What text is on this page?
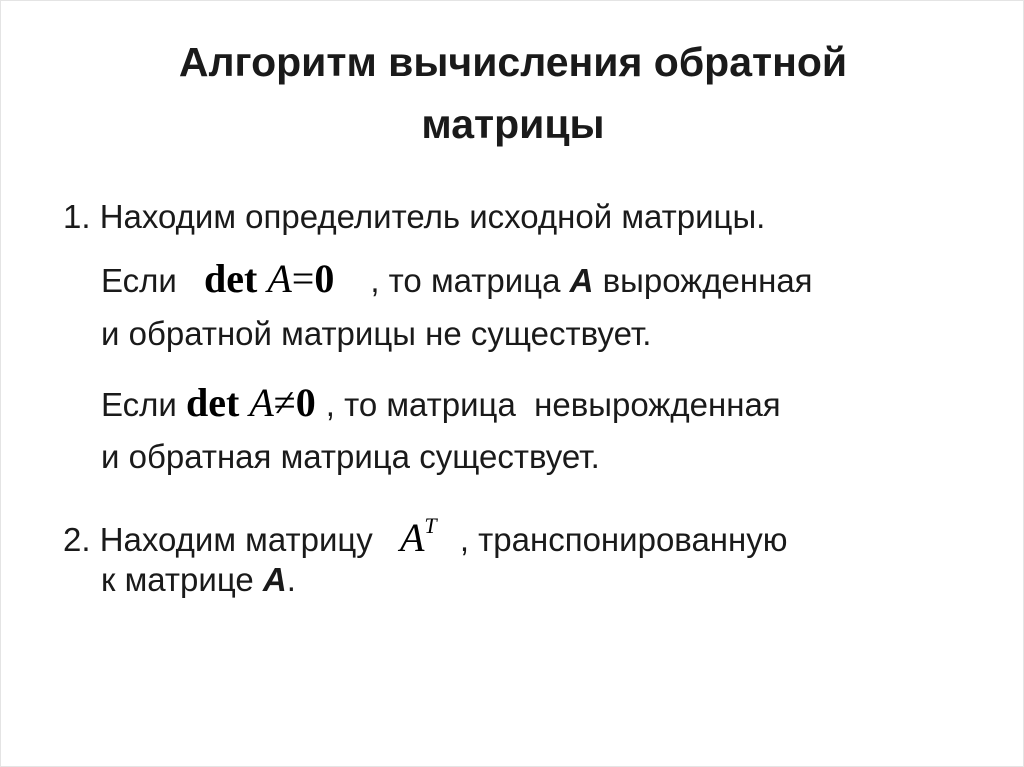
Алгоритм вычисления обратной
матрицы
1. Находим определитель исходной матрицы.
Если det A=0 , то матрица A вырожденная
и обратной матрицы не существует.
Если det A≠0 , то матрица  невырожденная
и обратная матрица существует.
2. Находим матрицу $A^T$ , транспонированную
к матрице A.
